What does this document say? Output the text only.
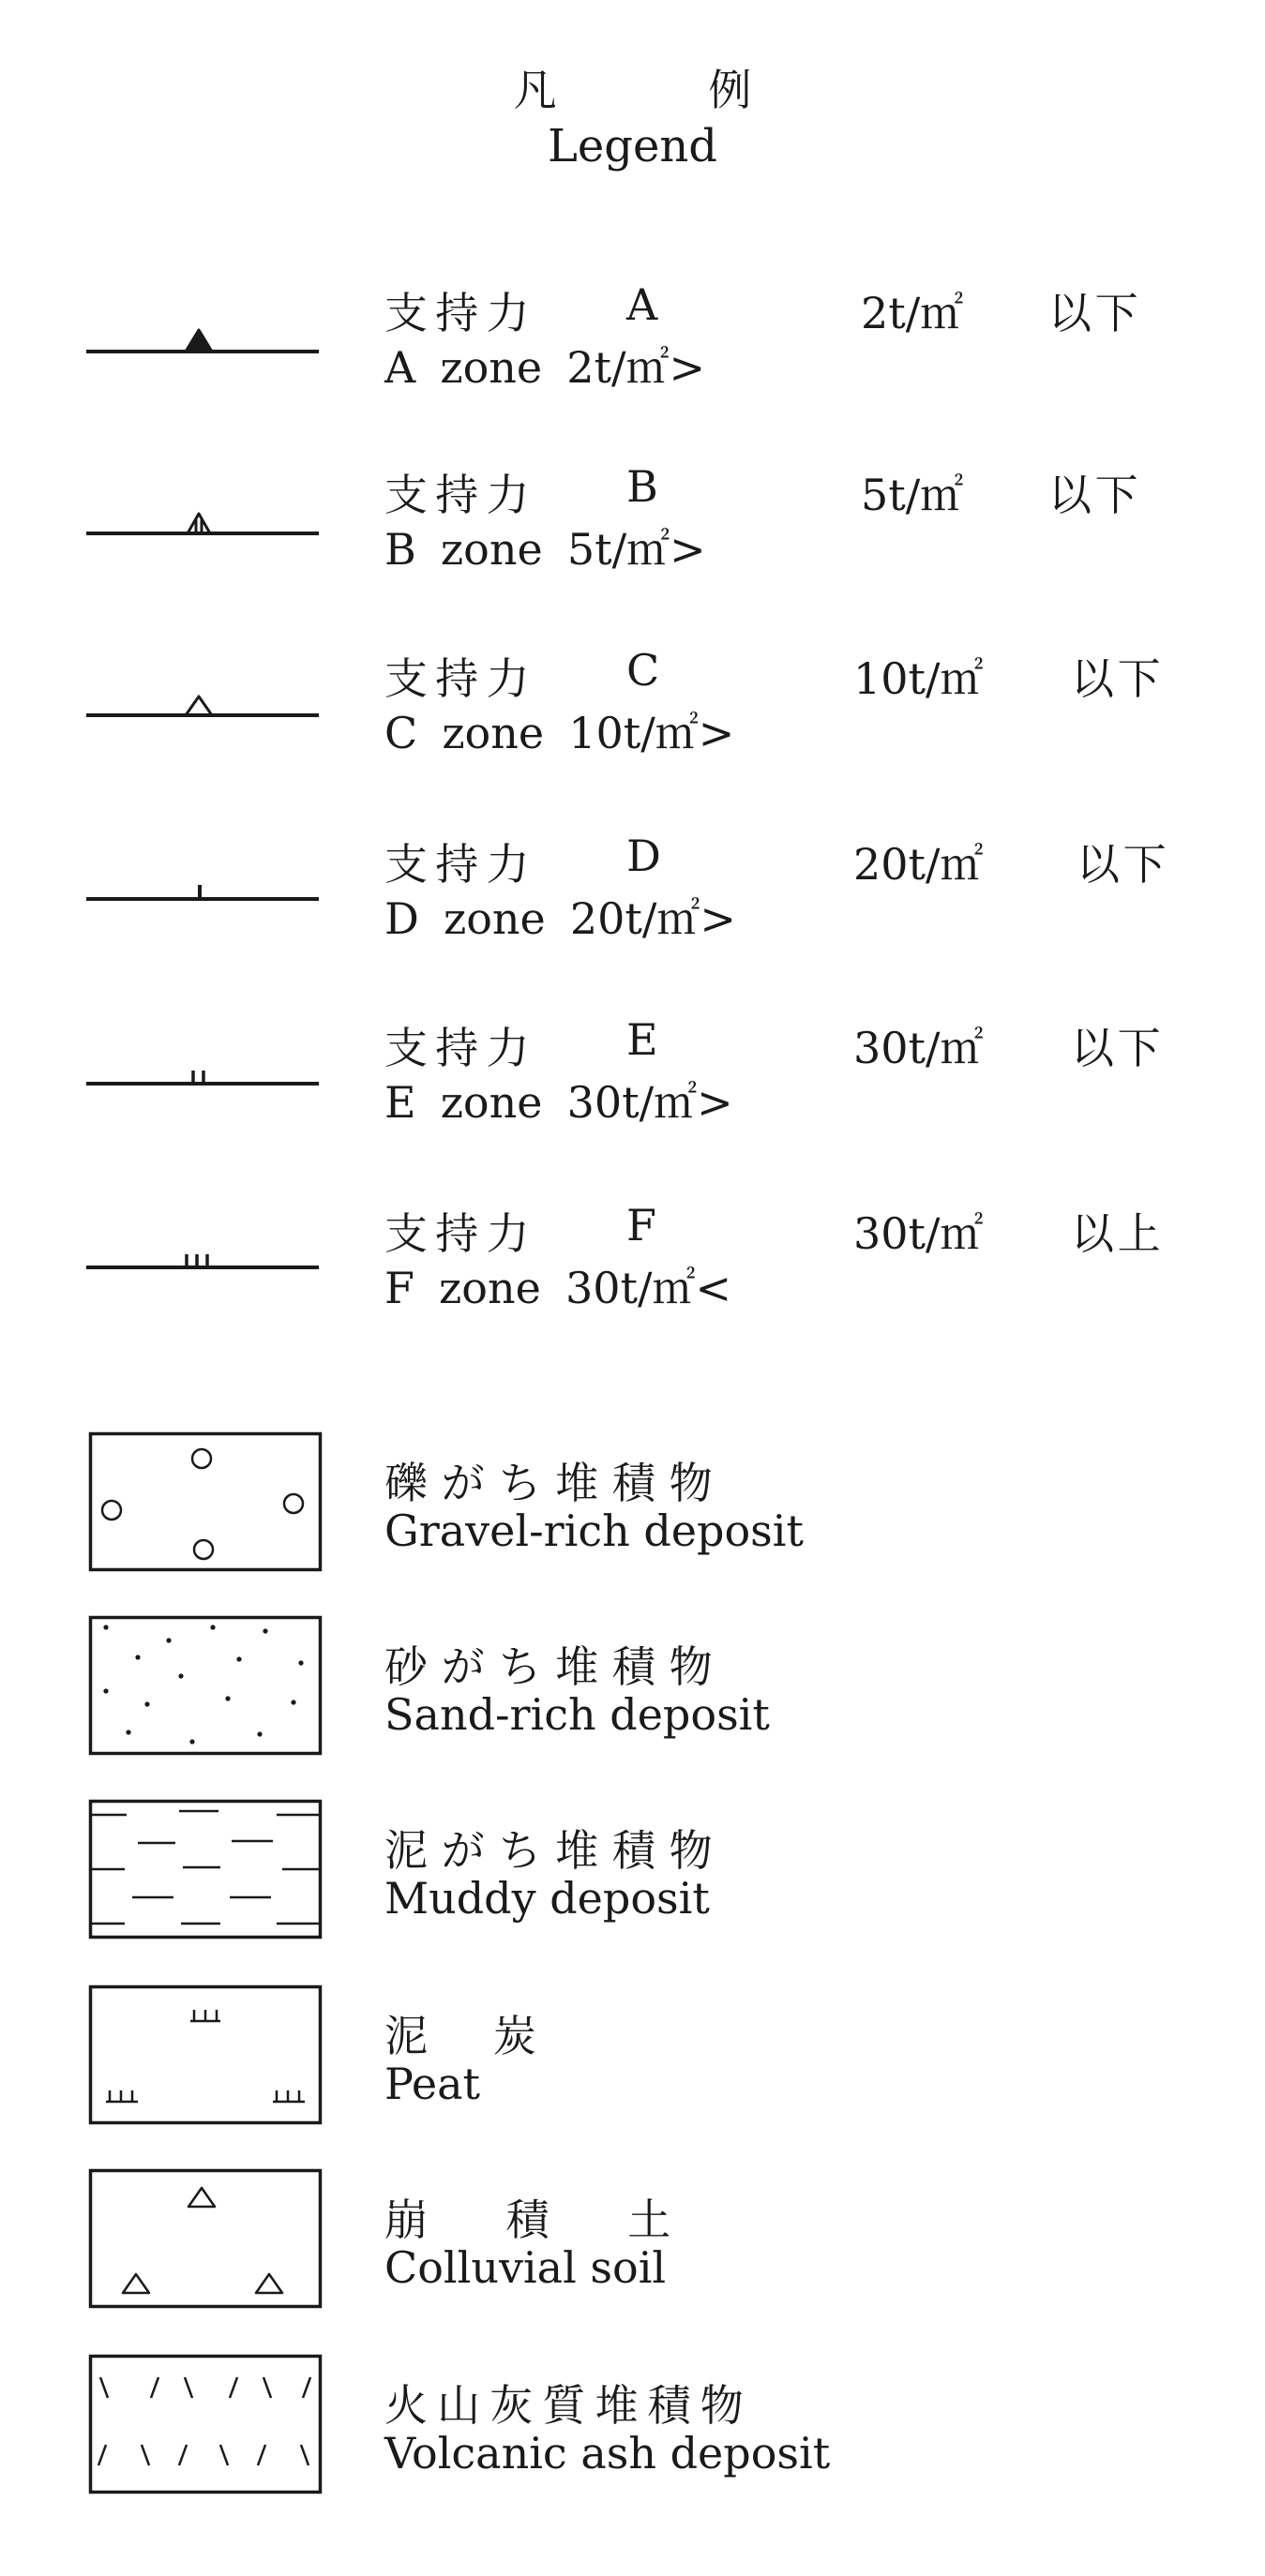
凡 例
Legend
支持力 A	2t/㎡ 以下
A zone 2t/㎡>
支持力 B	5t/㎡ 以下
B zone 5t/㎡>
支持力 C	10t/㎡ 以下
C zone 10t/㎡>
支持力 D	20t/㎡ 以下
D zone 20t/㎡>
支持力 E	30t/㎡ 以下
E zone 30t/㎡>
支持力 F	30t/㎡ 以上
F zone 30t/㎡<
礫がち堆積物
Gravel-rich deposit
砂がち堆積物
Sand-rich deposit
泥がち堆積物
Muddy deposit
泥 炭
Peat
崩 積 土
Colluvial soil
火山灰質堆積物
Volcanic ash deposit
